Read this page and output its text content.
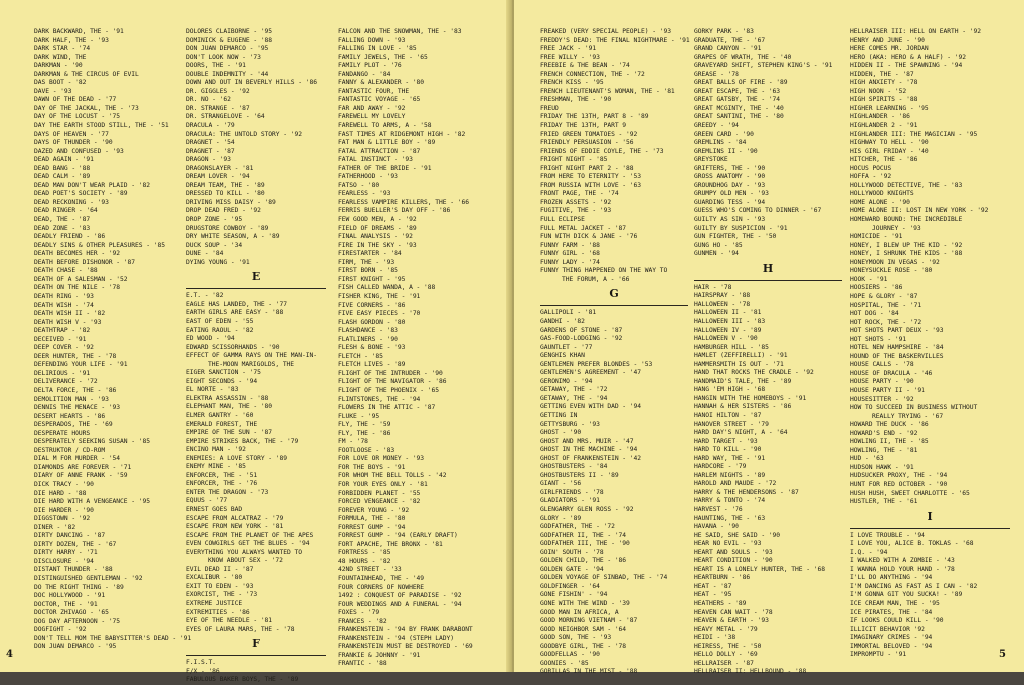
DARK BACKWARD, THE - '91
DARK HALF, THE - '93
DARK STAR - '74
DARK WIND, THE
DARKMAN - '90
DARKMAN & THE CIRCUS OF EVIL
DAS BOOT - '82
DAVE - '93
DAWN OF THE DEAD - '77
DAY OF THE JACKAL, THE - '73
DAY OF THE LOCUST - '75
DAY THE EARTH STOOD STILL, THE - '51
DAYS OF HEAVEN - '77
DAYS OF THUNDER - '90
DAZED AND CONFUSED - '93
DEAD AGAIN - '91
DEAD BANG - '88
DEAD CALM - '89
DEAD MAN DON'T WEAR PLAID - '82
DEAD POET'S SOCIETY - '89
DEAD RECKONING - '93
DEAD RINGER - '64
DEAD, THE - '87
DEAD ZONE - '83
DEADLY FRIEND - '86
DEADLY SINS & OTHER PLEASURES - '85
DEATH BECOMES HER - '92
DEATH BEFORE DISHONOR - '87
DEATH CHASE - '88
DEATH OF A SALESMAN - '52
DEATH ON THE NILE - '78
DEATH RING - '93
DEATH WISH - '74
DEATH WISH II - '82
DEATH WISH V - '93
DEATHTRAP - '82
DECEIVED - '91
DEEP COVER - '92
DEER HUNTER, THE - '78
DEFENDING YOUR LIFE - '91
DELIRIOUS - '91
DELIVERANCE - '72
DELTA FORCE, THE - '86
DEMOLITION MAN - '93
DENNIS THE MENACE - '93
DESERT HEARTS - '86
DESPERADOS, THE - '69
DESPERATE HOURS
DESPERATELY SEEKING SUSAN - '85
DESTRUKTOR / CD-ROM
DIAL M FOR MURDER - '54
DIAMONDS ARE FOREVER - '71
DIARY OF ANNE FRANK - '59
DICK TRACY - '90
DIE HARD - '88
DIE HARD WITH A VENGEANCE - '95
DIE HARDER - '90
DIGGSTOWN - '92
DINER - '82
DIRTY DANCING - '87
DIRTY DOZEN, THE - '67
DIRTY HARRY - '71
DISCLOSURE - '94
DISTANT THUNDER - '88
DISTINGUISHED GENTLEMAN - '92
DO THE RIGHT THING - '89
DOC HOLLYWOOD - '91
DOCTOR, THE - '91
DOCTOR ZHIVAGO - '65
DOG DAY AFTERNOON - '75
DOGFIGHT - '92
DON'T TELL MOM THE BABYSITTER'S DEAD - '91
DON JUAN DEMARCO - '95
DOLORES CLAIBORNE - '95
DOMINICK & EUGENE - '88
DON JUAN DEMARCO - '95
DON'T LOOK NOW - '73
DOORS, THE - '91
DOUBLE INDEMNITY - '44
DOWN AND OUT IN BEVERLY HILLS - '86
DR. GIGGLES - '92
DR. NO - '62
DR. STRANGE - '87
DR. STRANGELOVE - '64
DRACULA - '79
DRACULA: THE UNTOLD STORY - '92
DRAGNET - '54
DRAGNET - '87
DRAGON - '93
DRAGONSLAYER - '81
DREAM LOVER - '94
DREAM TEAM, THE - '89
DRESSED TO KILL - '80
DRIVING MISS DAISY - '89
DROP DEAD FRED - '92
DROP ZONE - '95
DRUGSTORE COWBOY - '89
DRY WHITE SEASON, A - '89
DUCK SOUP - '34
DUNE - '84
DYING YOUNG - '91
E
E.T. - '82
EAGLE HAS LANDED, THE - '77
EARTH GIRLS ARE EASY - '88
EAST OF EDEN - '55
EATING RAOUL - '82
ED WOOD - '94
EDWARD SCISSORHANDS - '90
EFFECT OF GAMMA RAYS ON THE MAN-IN-
THE-MOON MARIGOLDS, THE
EIGER SANCTION - '75
EIGHT SECONDS - '94
EL NORTE - '83
ELEKTRA ASSASSIN - '88
ELEPHANT MAN, THE - '80
ELMER GANTRY - '60
EMERALD FOREST, THE
EMPIRE OF THE SUN - '87
EMPIRE STRIKES BACK, THE - '79
ENCINO MAN - '92
ENEMIES: A LOVE STORY - '89
ENEMY MINE - '85
ENFORCER, THE - '51
ENFORCER, THE - '76
ENTER THE DRAGON - '73
EQUUS - '77
ERNEST GOES BAD
ESCAPE FROM ALCATRAZ - '79
ESCAPE FROM NEW YORK - '81
ESCAPE FROM THE PLANET OF THE APES
EVEN COWGIRLS GET THE BLUES - '94
EVERYTHING YOU ALWAYS WANTED TO
KNOW ABOUT SEX - '72
EVIL DEAD II - '87
EXCALIBUR - '80
EXIT TO EDEN - '93
EXORCIST, THE - '73
EXTREME JUSTICE
EXTREMITIES - '86
EYE OF THE NEEDLE - '81
EYES OF LAURA MARS, THE - '78
F
F.I.S.T.
F/X - '86
FABULOUS BAKER BOYS, THE - '89
FALCON AND THE SNOWMAN, THE - '83
FALLING DOWN - '93
FALLING IN LOVE - '85
FAMILY JEWELS, THE - '65
FAMILY PLOT - '76
FANDANGO - '84
FANNY & ALEXANDER - '80
FANTASTIC FOUR, THE
FANTASTIC VOYAGE - '65
FAR AND AWAY - '92
FAREWELL MY LOVELY
FAREWELL TO ARMS, A - '58
FAST TIMES AT RIDGEMONT HIGH - '82
FAT MAN & LITTLE BOY - '89
FATAL ATTRACTION - '87
FATAL INSTINCT - '93
FATHER OF THE BRIDE - '91
FATHERHOOD - '93
FATSO - '80
FEARLESS - '93
FEARLESS VAMPIRE KILLERS, THE - '66
FERRIS BUELLER'S DAY OFF - '86
FEW GOOD MEN, A - '92
FIELD OF DREAMS - '89
FINAL ANALYSIS - '92
FIRE IN THE SKY - '93
FIRESTARTER - '84
FIRM, THE - '93
FIRST BORN - '85
FIRST KNIGHT - '95
FISH CALLED WANDA, A - '88
FISHER KING, THE - '91
FIVE CORNERS - '86
FIVE EASY PIECES - '70
FLASH GORDON - '80
FLASHDANCE - '83
FLATLINERS - '90
FLESH & BONE - '93
FLETCH - '85
FLETCH LIVES - '89
FLIGHT OF THE INTRUDER - '90
FLIGHT OF THE NAVIGATOR - '86
FLIGHT OF THE PHOENIX - '65
FLINTSTONES, THE - '94
FLOWERS IN THE ATTIC - '87
FLUKE - '95
FLY, THE - '59
FLY, THE - '86
FM - '78
FOOTLOOSE - '83
FOR LOVE OR MONEY - '93
FOR THE BOYS - '91
FOR WHOM THE BELL TOLLS - '42
FOR YOUR EYES ONLY - '81
FORBIDDEN PLANET - '55
FORCED VENGEANCE - '82
FOREVER YOUNG - '92
FORMULA, THE - '80
FORREST GUMP - '94
FORREST GUMP - '94 (EARLY DRAFT)
FORT APACHE, THE BRONX - '81
FORTRESS - '85
48 HOURS - '82
42ND STREET - '33
FOUNTAINHEAD, THE - '49
FOUR CORNERS OF NOWHERE
1492 : CONQUEST OF PARADISE - '92
FOUR WEDDINGS AND A FUNERAL - '94
FOXES - '79
FRANCES - '82
FRANKENSTEIN - '94 BY FRANK DARABONT
FRANKENSTEIN - '94 (STEPH LADY)
FRANKENSTEIN MUST BE DESTROYED - '69
FRANKIE & JOHNNY - '91
FRANTIC - '88
4
FREAKED (VERY SPECIAL PEOPLE) - '93
FREDDY'S DEAD: THE FINAL NIGHTMARE - '91
FREE JACK - '91
FREE WILLY - '93
FREEBIE & THE BEAN - '74
FRENCH CONNECTION, THE - '72
FRENCH KISS - '95
FRENCH LIEUTENANT'S WOMAN, THE - '81
FRESHMAN, THE - '90
FREUD
FRIDAY THE 13TH, PART 8 - '89
FRIDAY THE 13TH, PART 9
FRIED GREEN TOMATOES - '92
FRIENDLY PERSUASION - '56
FRIENDS OF EDDIE COYLE, THE - '73
FRIGHT NIGHT - '85
FRIGHT NIGHT PART 2 - '88
FROM HERE TO ETERNITY - '53
FROM RUSSIA WITH LOVE - '63
FRONT PAGE, THE - '74
FROZEN ASSETS - '92
FUGITIVE, THE - '93
FULL ECLIPSE
FULL METAL JACKET - '87
FUN WITH DICK & JANE - '76
FUNNY FARM - '88
FUNNY GIRL - '68
FUNNY LADY - '74
FUNNY THING HAPPENED ON THE WAY TO
THE FORUM, A - '66
G
GALLIPOLI - '81
GANDHI - '82
GARDENS OF STONE - '87
GAS-FOOD-LODGING - '92
GAUNTLET - '77
GENGHIS KHAN
GENTLEMEN PREFER BLONDES - '53
GENTLEMEN'S AGREEMENT - '47
GERONIMO - '94
GETAWAY, THE - '72
GETAWAY, THE - '94
GETTING EVEN WITH DAD - '94
GETTING IN
GETTYSBURG - '93
GHOST - '90
GHOST AND MRS. MUIR - '47
GHOST IN THE MACHINE - '94
GHOST OF FRANKENSTEIN - '42
GHOSTBUSTERS - '84
GHOSTBUSTERS II - '89
GIANT - '56
GIRLFRIENDS - '78
GLADIATORS - '91
GLENGARRY GLEN ROSS - '92
GLORY - '89
GODFATHER, THE - '72
GODFATHER II, THE - '74
GODFATHER III, THE - '90
GOIN' SOUTH - '78
GOLDEN CHILD, THE - '86
GOLDEN GATE - '94
GOLDEN VOYAGE OF SINBAD, THE - '74
GOLDFINGER - '64
GONE FISHIN' - '94
GONE WITH THE WIND - '39
GOOD MAN IN AFRICA, A
GOOD MORNING VIETNAM - '87
GOOD NEIGHBOR SAM - '64
GOOD SON, THE - '93
GOODBYE GIRL, THE - '78
GOODFELLAS - '90
GOONIES - '85
GORILLAS IN THE MIST - '88
GORKY PARK - '83
GRADUATE, THE - '67
GRAND CANYON - '91
GRAPES OF WRATH, THE - '40
GRAVEYARD SHIFT, STEPHEN KING'S - '91
GREASE - '78
GREAT BALLS OF FIRE - '89
GREAT ESCAPE, THE - '63
GREAT GATSBY, THE - '74
GREAT MCGINTY, THE - '40
GREAT SANTINI, THE - '80
GREEDY - '94
GREEN CARD - '90
GREMLINS - '84
GREMLINS II - '90
GREYSTOKE
GRIFTERS, THE - '90
GROSS ANATOMY - '90
GROUNDHOG DAY - '93
GRUMPY OLD MEN - '93
GUARDING TESS - '94
GUESS WHO'S COMING TO DINNER - '67
GUILTY AS SIN - '93
GUILTY BY SUSPICION - '91
GUN FIGHTER, THE - '50
GUNG HO - '85
GUNMEN - '94
H
HAIR - '78
HAIRSPRAY - '88
HALLOWEEN - '78
HALLOWEEN II - '81
HALLOWEEN III - '83
HALLOWEEN IV - '89
HALLOWEEN V - '90
HAMBURGER HILL - '85
HAMLET (ZEFFIRELLI) - '91
HAMMERSMITH IS OUT - '71
HAND THAT ROCKS THE CRADLE - '92
HANDMAID'S TALE, THE - '89
HANG 'EM HIGH - '68
HANGIN WITH THE HOMEBOYS - '91
HANNAH & HER SISTERS - '86
HANOI HILTON - '87
HANOVER STREET - '79
HARD DAY'S NIGHT, A - '64
HARD TARGET - '93
HARD TO KILL - '90
HARD WAY, THE - '91
HARDCORE - '79
HARLEM NIGHTS - '89
HAROLD AND MAUDE - '72
HARRY & THE HENDERSONS - '87
HARRY & TONTO - '74
HARVEST - '76
HAUNTING, THE - '63
HAVANA - '90
HE SAID, SHE SAID - '90
HEAR NO EVIL - '93
HEART AND SOULS - '93
HEART CONDITION - '90
HEART IS A LONELY HUNTER, THE - '68
HEARTBURN - '86
HEAT - '87
HEAT - '95
HEATHERS - '89
HEAVEN CAN WAIT - '78
HEAVEN & EARTH - '93
HEAVY METAL - '79
HEIDI - '38
HEIRESS, THE - '50
HELLO DOLLY - '69
HELLRAISER - '87
HELLRAISER II: HELLBOUND - '88
HELLRAISER III: HELL ON EARTH - '92
HENRY AND JUNE - '90
HERE COMES MR. JORDAN
HERO (AKA: HERO & A HALF) - '92
HIDDEN II - THE SPAWNING - '94
HIDDEN, THE - '87
HIGH ANXIETY - '78
HIGH NOON - '52
HIGH SPIRITS - '88
HIGHER LEARNING - '95
HIGHLANDER - '86
HIGHLANDER 2 - '91
HIGHLANDER III: THE MAGICIAN - '95
HIGHWAY TO HELL - '90
HIS GIRL FRIDAY - '40
HITCHER, THE - '86
HOCUS POCUS
HOFFA - '92
HOLLYWOOD DETECTIVE, THE - '83
HOLLYWOOD KNIGHTS
HOME ALONE - '90
HOME ALONE II: LOST IN NEW YORK - '92
HOMEWARD BOUND: THE INCREDIBLE
JOURNEY - '93
HOMICIDE - '91
HONEY, I BLEW UP THE KID - '92
HONEY, I SHRUNK THE KIDS - '88
HONEYMOON IN VEGAS - '92
HONEYSUCKLE ROSE - '80
HOOK - '91
HOOSIERS - '86
HOPE & GLORY - '87
HOSPITAL, THE - '71
HOT DOG - '84
HOT ROCK, THE - '72
HOT SHOTS PART DEUX - '93
HOT SHOTS - '91
HOTEL NEW HAMPSHIRE - '84
HOUND OF THE BASKERVILLES
HOUSE CALLS - '78
HOUSE OF DRACULA - '46
HOUSE PARTY - '90
HOUSE PARTY II - '91
HOUSESITTER - '92
HOW TO SUCCEED IN BUSINESS WITHOUT
REALLY TRYING - '67
HOWARD THE DUCK - '86
HOWARD'S END - '92
HOWLING II, THE - '85
HOWLING, THE - '81
HUD - '63
HUDSON HAWK - '91
HUDSUCKER PROXY, THE - '94
HUNT FOR RED OCTOBER - '90
HUSH HUSH, SWEET CHARLOTTE - '65
HUSTLER, THE - '61
I
I LOVE TROUBLE - '94
I LOVE YOU, ALICE B. TOKLAS - '68
I.Q. - '94
I WALKED WITH A ZOMBIE - '43
I WANNA HOLD YOUR HAND - '78
I'LL DO ANYTHING - '94
I'M DANCING AS FAST AS I CAN - '82
I'M GONNA GIT YOU SUCKA! - '89
ICE CREAM MAN, THE - '95
ICE PIRATES, THE - '84
IF LOOKS COULD KILL - '90
ILLICIT BEHAVIOR '92
IMAGINARY CRIMES - '94
IMMORTAL BELOVED - '94
IMPROMPTU - '91	5
